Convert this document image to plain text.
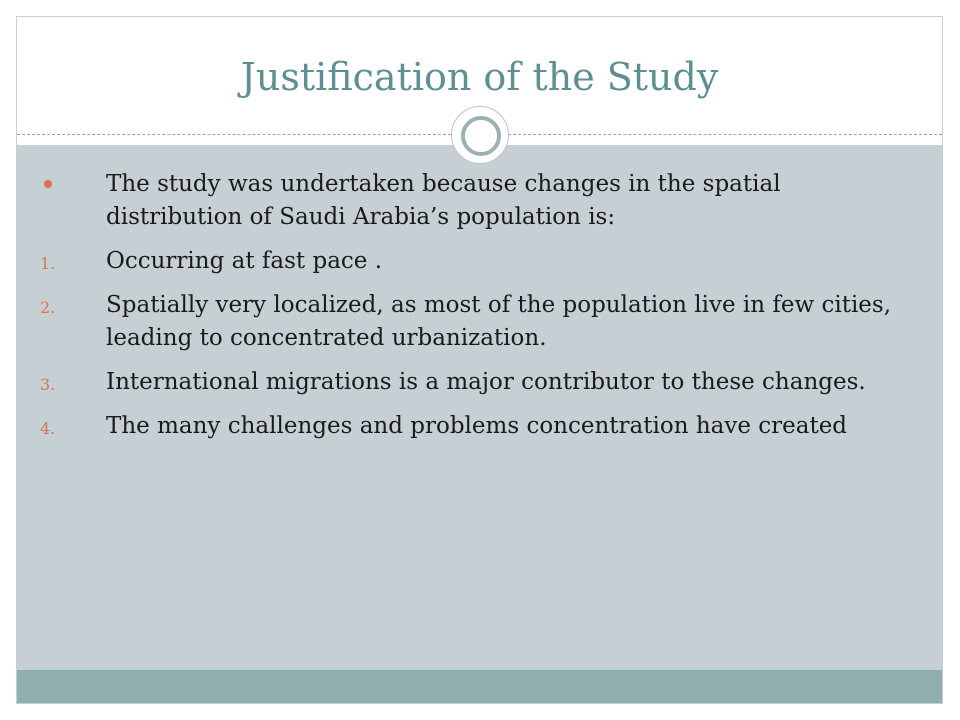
Justification of the Study
The study was undertaken because changes in the spatial distribution of Saudi Arabia’s population is:
1. Occurring at fast pace .
2. Spatially very localized, as most of the population live in few cities, leading to concentrated urbanization.
3. International migrations is a major contributor to these changes.
4. The many challenges and problems concentration have created
